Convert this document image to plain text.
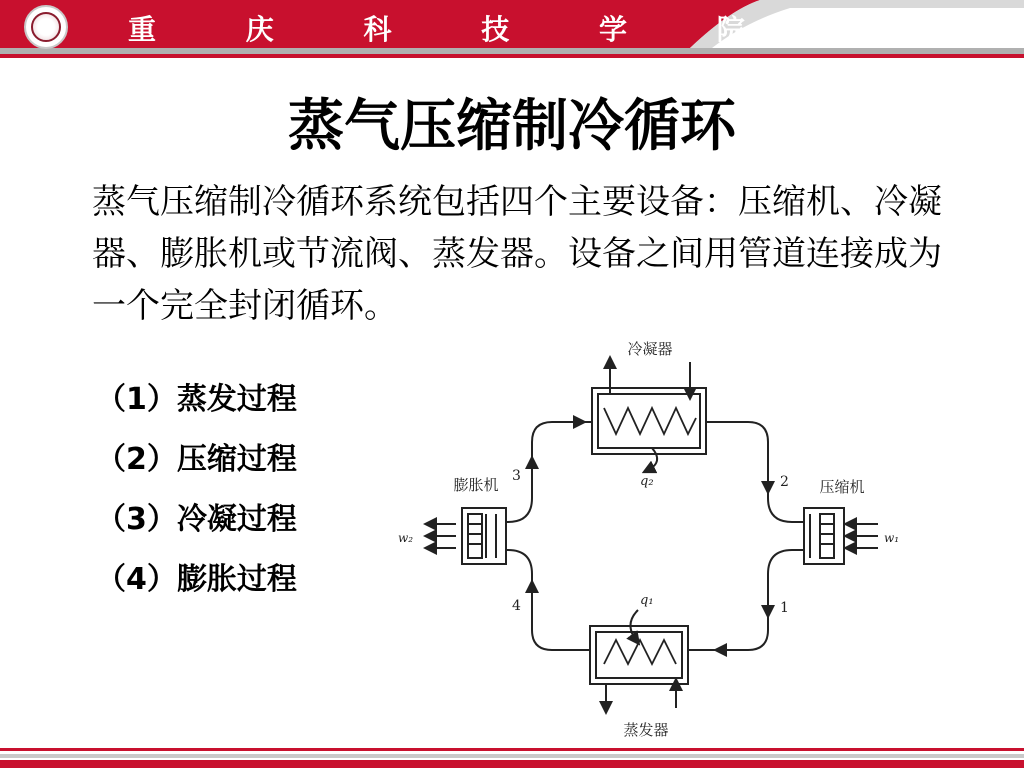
重 庆 科 技 学 院
蒸气压缩制冷循环
蒸气压缩制冷循环系统包括四个主要设备：压缩机、冷凝器、膨胀机或节流阀、蒸发器。设备之间用管道连接成为一个完全封闭循环。
（1）蒸发过程
（2）压缩过程
（3）冷凝过程
（4）膨胀过程
冷凝器
蒸发器
压缩机
膨胀机	q₂
q₁
w₁
w₂
1
2
3
4
